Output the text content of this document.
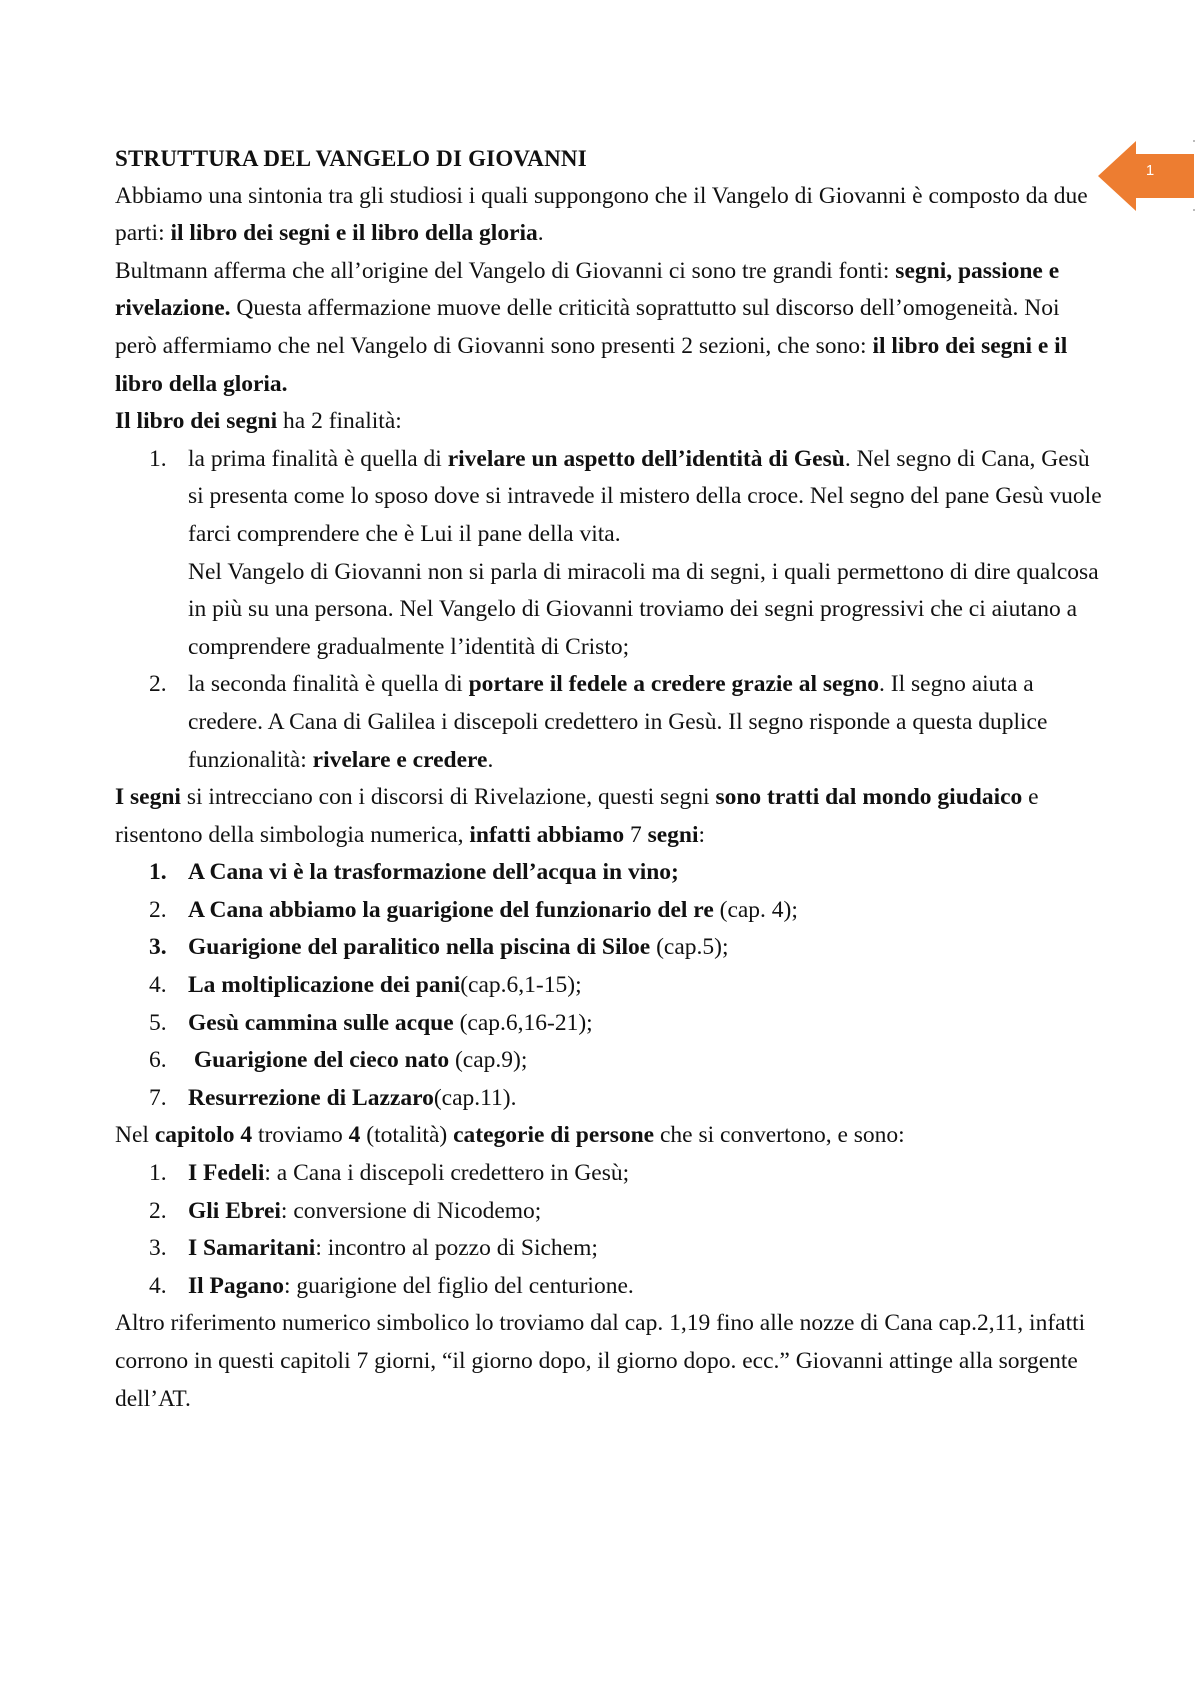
1

STRUTTURA DEL VANGELO DI GIOVANNI

Abbiamo una sintonia tra gli studiosi i quali suppongono che il Vangelo di Giovanni è composto da due parti: il libro dei segni e il libro della gloria.

Bultmann afferma che all’origine del Vangelo di Giovanni ci sono tre grandi fonti: segni, passione e rivelazione. Questa affermazione muove delle criticità soprattutto sul discorso dell’omogeneità. Noi però affermiamo che nel Vangelo di Giovanni sono presenti 2 sezioni, che sono: il libro dei segni e il libro della gloria.

Il libro dei segni ha 2 finalità:

1. la prima finalità è quella di rivelare un aspetto dell’identità di Gesù. Nel segno di Cana, Gesù si presenta come lo sposo dove si intravede il mistero della croce. Nel segno del pane Gesù vuole farci comprendere che è Lui il pane della vita.
Nel Vangelo di Giovanni non si parla di miracoli ma di segni, i quali permettono di dire qualcosa in più su una persona. Nel Vangelo di Giovanni troviamo dei segni progressivi che ci aiutano a comprendere gradualmente l’identità di Cristo;
2. la seconda finalità è quella di portare il fedele a credere grazie al segno. Il segno aiuta a credere. A Cana di Galilea i discepoli credettero in Gesù. Il segno risponde a questa duplice funzionalità: rivelare e credere.

I segni si intrecciano con i discorsi di Rivelazione, questi segni sono tratti dal mondo giudaico e risentono della simbologia numerica, infatti abbiamo 7 segni:

1. A Cana vi è la trasformazione dell’acqua in vino;
2. A Cana abbiamo la guarigione del funzionario del re (cap. 4);
3. Guarigione del paralitico nella piscina di Siloe (cap.5);
4. La moltiplicazione dei pani(cap.6,1-15);
5. Gesù cammina sulle acque (cap.6,16-21);
6. Guarigione del cieco nato (cap.9);
7. Resurrezione di Lazzaro(cap.11).

Nel capitolo 4 troviamo 4 (totalità) categorie di persone che si convertono, e sono:

1. I Fedeli: a Cana i discepoli credettero in Gesù;
2. Gli Ebrei: conversione di Nicodemo;
3. I Samaritani: incontro al pozzo di Sichem;
4. Il Pagano: guarigione del figlio del centurione.

Altro riferimento numerico simbolico lo troviamo dal cap. 1,19 fino alle nozze di Cana cap.2,11, infatti corrono in questi capitoli 7 giorni, “il giorno dopo, il giorno dopo. ecc.” Giovanni attinge alla sorgente dell’AT.
